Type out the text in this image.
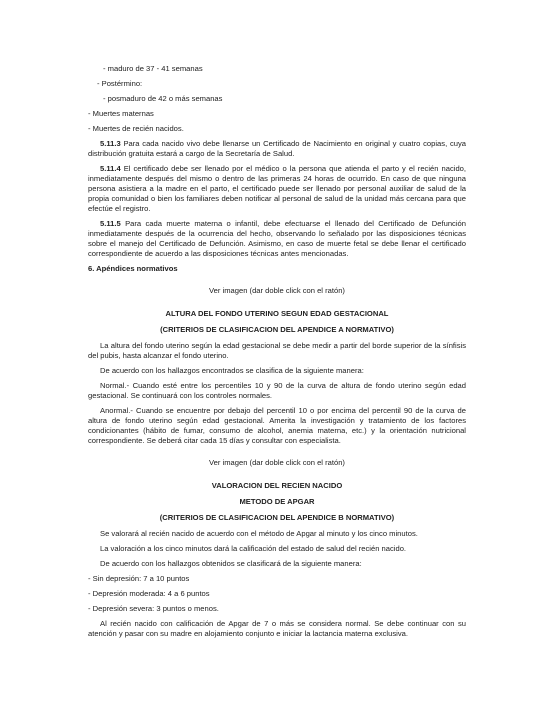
- maduro de 37 - 41 semanas

- Postérmino:

- posmaduro de 42 o más semanas

- Muertes maternas

- Muertes de recién nacidos.

5.11.3 Para cada nacido vivo debe llenarse un Certificado de Nacimiento en original y cuatro copias, cuya distribución gratuita estará a cargo de la Secretaría de Salud.

5.11.4 El certificado debe ser llenado por el médico o la persona que atienda el parto y el recién nacido, inmediatamente después del mismo o dentro de las primeras 24 horas de ocurrido. En caso de que ninguna persona asistiera a la madre en el parto, el certificado puede ser llenado por personal auxiliar de salud de la propia comunidad o bien los familiares deben notificar al personal de salud de la unidad más cercana para que efectúe el registro.

5.11.5 Para cada muerte materna o infantil, debe efectuarse el llenado del Certificado de Defunción inmediatamente después de la ocurrencia del hecho, observando lo señalado por las disposiciones técnicas sobre el manejo del Certificado de Defunción. Asimismo, en caso de muerte fetal se debe llenar el certificado correspondiente de acuerdo a las disposiciones técnicas antes mencionadas.

6. Apéndices normativos

Ver imagen (dar doble click con el ratón)

ALTURA DEL FONDO UTERINO SEGUN EDAD GESTACIONAL

(CRITERIOS DE CLASIFICACION DEL APENDICE A NORMATIVO)

La altura del fondo uterino según la edad gestacional se debe medir a partir del borde superior de la sínfisis del pubis, hasta alcanzar el fondo uterino.

De acuerdo con los hallazgos encontrados se clasifica de la siguiente manera:

Normal.- Cuando esté entre los percentiles 10 y 90 de la curva de altura de fondo uterino según edad gestacional. Se continuará con los controles normales.

Anormal.- Cuando se encuentre por debajo del percentil 10 o por encima del percentil 90 de la curva de altura de fondo uterino según edad gestacional. Amerita la investigación y tratamiento de los factores condicionantes (hábito de fumar, consumo de alcohol, anemia materna, etc.) y la orientación nutricional correspondiente. Se deberá citar cada 15 días y consultar con especialista.

Ver imagen (dar doble click con el ratón)

VALORACION DEL RECIEN NACIDO

METODO DE APGAR

(CRITERIOS DE CLASIFICACION DEL APENDICE B NORMATIVO)

Se valorará al recién nacido de acuerdo con el método de Apgar al minuto y los cinco minutos.

La valoración a los cinco minutos dará la calificación del estado de salud del recién nacido.

De acuerdo con los hallazgos obtenidos se clasificará de la siguiente manera:

- Sin depresión: 7 a 10 puntos

- Depresión moderada: 4 a 6 puntos

- Depresión severa: 3 puntos o menos.

Al recién nacido con calificación de Apgar de 7 o más se considera normal. Se debe continuar con su atención y pasar con su madre en alojamiento conjunto e iniciar la lactancia materna exclusiva.
